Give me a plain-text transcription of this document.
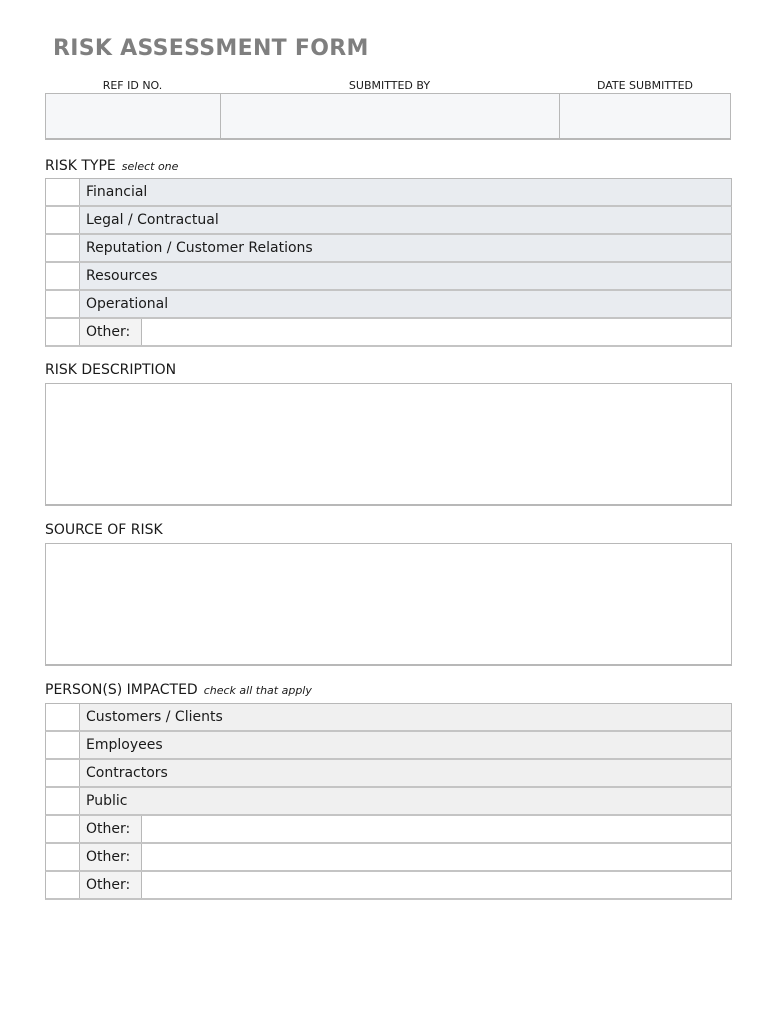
RISK ASSESSMENT FORM
REF ID NO.	SUBMITTED BY	DATE SUBMITTED
RISK TYPE select one
Financial
Legal / Contractual
Reputation / Customer Relations
Resources
Operational
Other:
RISK DESCRIPTION
SOURCE OF RISK
PERSON(S) IMPACTED check all that apply
Customers / Clients
Employees
Contractors
Public
Other:
Other:
Other:
